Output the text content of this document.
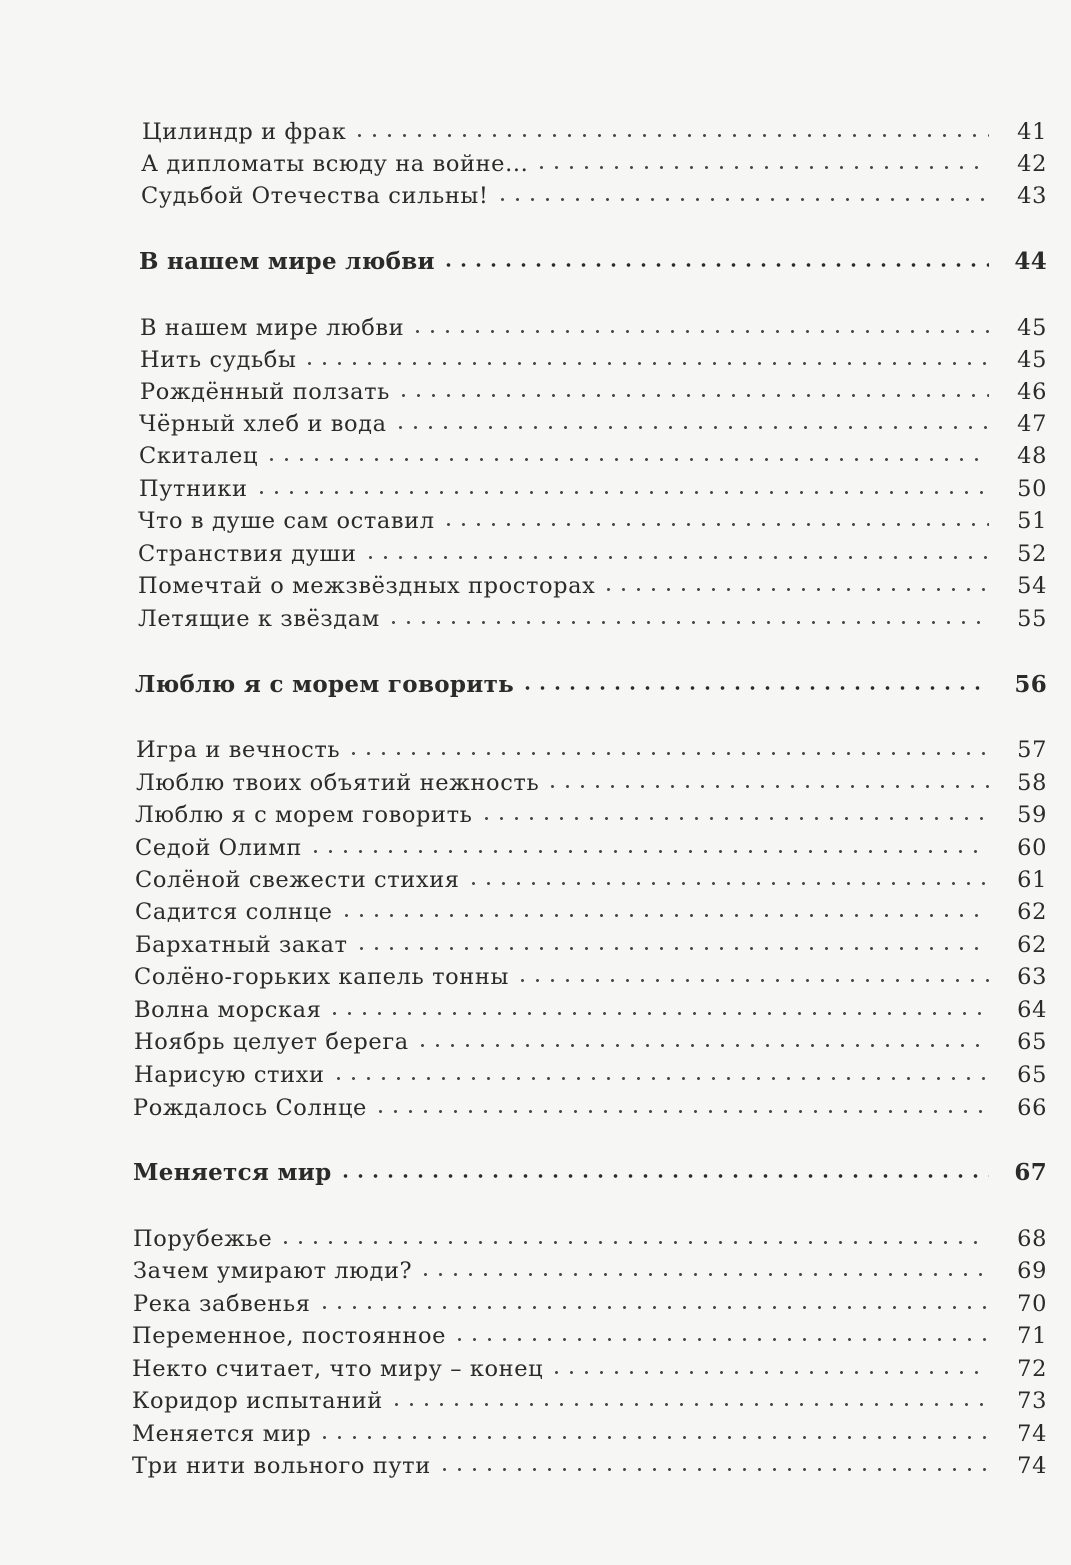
Цилиндр и фрак	41
А дипломаты всюду на войне...	42
Судьбой Отечества сильны!	43
В нашем мире любви	44
В нашем мире любви	45
Нить судьбы	45
Рождённый ползать	46
Чёрный хлеб и вода	47
Скиталец	48
Путники	50
Что в душе сам оставил	51
Странствия души	52
Помечтай о межзвёздных просторах	54
Летящие к звёздам	55
Люблю я с морем говорить	56
Игра и вечность	57
Люблю твоих объятий нежность	58
Люблю я с морем говорить	59
Седой Олимп	60
Солёной свежести стихия	61
Садится солнце	62
Бархатный закат	62
Солёно-горьких капель тонны	63
Волна морская	64
Ноябрь целует берега	65
Нарисую стихи	65
Рождалось Солнце	66
Меняется мир	67
Порубежье	68
Зачем умирают люди?	69
Река забвенья	70
Переменное, постоянное	71
Некто считает, что миру – конец	72
Коридор испытаний	73
Меняется мир	74
Три нити вольного пути	74
